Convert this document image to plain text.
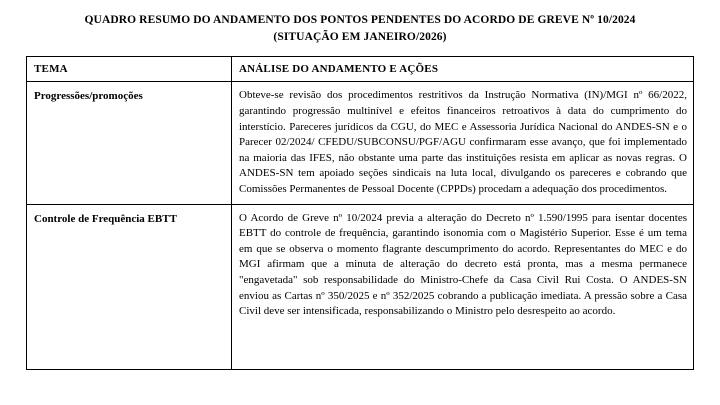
QUADRO RESUMO DO ANDAMENTO DOS PONTOS PENDENTES DO ACORDO DE GREVE Nº 10/2024
(SITUAÇÃO EM JANEIRO/2026)
TEMA	ANÁLISE DO ANDAMENTO E AÇÕES
Progressões/promoções	Obteve-se revisão dos procedimentos restritivos da Instrução Normativa (IN)/MGI nº 66/2022, garantindo progressão multinível e efeitos financeiros retroativos à data do cumprimento do interstício. Pareceres jurídicos da CGU, do MEC e Assessoria Jurídica Nacional do ANDES-SN e o Parecer 02/2024/ CFEDU/SUBCONSU/PGF/AGU confirmaram esse avanço, que foi implementado na maioria das IFES, não obstante uma parte das instituições resista em aplicar as novas regras. O ANDES-SN tem apoiado seções sindicais na luta local, divulgando os pareceres e cobrando que Comissões Permanentes de Pessoal Docente (CPPDs) procedam a adequação dos procedimentos.
Controle de Frequência EBTT	O Acordo de Greve nº 10/2024 previa a alteração do Decreto nº 1.590/1995 para isentar docentes EBTT do controle de frequência, garantindo isonomia com o Magistério Superior. Esse é um tema em que se observa o momento flagrante descumprimento do acordo. Representantes do MEC e do MGI afirmam que a minuta de alteração do decreto está pronta, mas a mesma permanece "engavetada" sob responsabilidade do Ministro-Chefe da Casa Civil Rui Costa. O ANDES-SN enviou as Cartas nº 350/2025 e nº 352/2025 cobrando a publicação imediata. A pressão sobre a Casa Civil deve ser intensificada, responsabilizando o Ministro pelo desrespeito ao acordo.
